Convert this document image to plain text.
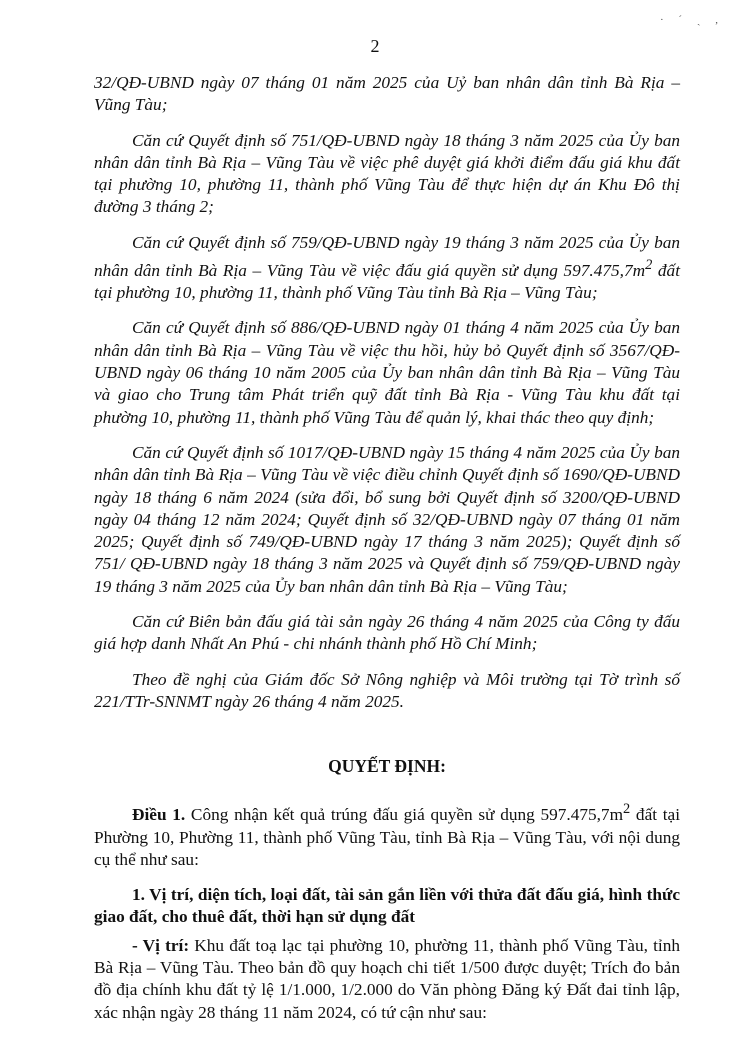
· ˊ ˎ ,
2

32/QĐ-UBND ngày 07 tháng 01 năm 2025 của Uỷ ban nhân dân tỉnh Bà Rịa – Vũng Tàu;

Căn cứ Quyết định số 751/QĐ-UBND ngày 18 tháng 3 năm 2025 của Ủy ban nhân dân tỉnh Bà Rịa – Vũng Tàu về việc phê duyệt giá khởi điểm đấu giá khu đất tại phường 10, phường 11, thành phố Vũng Tàu để thực hiện dự án Khu Đô thị đường 3 tháng 2;

Căn cứ Quyết định số 759/QĐ-UBND ngày 19 tháng 3 năm 2025 của Ủy ban nhân dân tỉnh Bà Rịa – Vũng Tàu về việc đấu giá quyền sử dụng $597.475,7m^2$ đất tại phường 10, phường 11, thành phố Vũng Tàu tỉnh Bà Rịa – Vũng Tàu;

Căn cứ Quyết định số 886/QĐ-UBND ngày 01 tháng 4 năm 2025 của Ủy ban nhân dân tỉnh Bà Rịa – Vũng Tàu về việc thu hồi, hủy bỏ Quyết định số 3567/QĐ-UBND ngày 06 tháng 10 năm 2005 của Ủy ban nhân dân tỉnh Bà Rịa – Vũng Tàu và giao cho Trung tâm Phát triển quỹ đất tỉnh Bà Rịa - Vũng Tàu khu đất tại phường 10, phường 11, thành phố Vũng Tàu để quản lý, khai thác theo quy định;

Căn cứ Quyết định số 1017/QĐ-UBND ngày 15 tháng 4 năm 2025 của Ủy ban nhân dân tỉnh Bà Rịa – Vũng Tàu về việc điều chỉnh Quyết định số 1690/QĐ-UBND ngày 18 tháng 6 năm 2024 (sửa đổi, bổ sung bởi Quyết định số 3200/QĐ-UBND ngày 04 tháng 12 năm 2024; Quyết định số 32/QĐ-UBND ngày 07 tháng 01 năm 2025; Quyết định số 749/QĐ-UBND ngày 17 tháng 3 năm 2025); Quyết định số 751/ QĐ-UBND ngày 18 tháng 3 năm 2025 và Quyết định số 759/QĐ-UBND ngày 19 tháng 3 năm 2025 của Ủy ban nhân dân tỉnh Bà Rịa – Vũng Tàu;

Căn cứ Biên bản đấu giá tài sản ngày 26 tháng 4 năm 2025 của Công ty đấu giá hợp danh Nhất An Phú - chi nhánh thành phố Hồ Chí Minh;

Theo đề nghị của Giám đốc Sở Nông nghiệp và Môi trường tại Tờ trình số 221/TTr-SNNMT ngày 26 tháng 4 năm 2025.

QUYẾT ĐỊNH:

Điều 1. Công nhận kết quả trúng đấu giá quyền sử dụng $597.475,7m^2$ đất tại Phường 10, Phường 11, thành phố Vũng Tàu, tỉnh Bà Rịa – Vũng Tàu, với nội dung cụ thể như sau:

1. Vị trí, diện tích, loại đất, tài sản gắn liền với thửa đất đấu giá, hình thức giao đất, cho thuê đất, thời hạn sử dụng đất

- Vị trí: Khu đất toạ lạc tại phường 10, phường 11, thành phố Vũng Tàu, tỉnh Bà Rịa – Vũng Tàu. Theo bản đồ quy hoạch chi tiết 1/500 được duyệt; Trích đo bản đồ địa chính khu đất tỷ lệ 1/1.000, 1/2.000 do Văn phòng Đăng ký Đất đai tỉnh lập, xác nhận ngày 28 tháng 11 năm 2024, có tứ cận như sau:
